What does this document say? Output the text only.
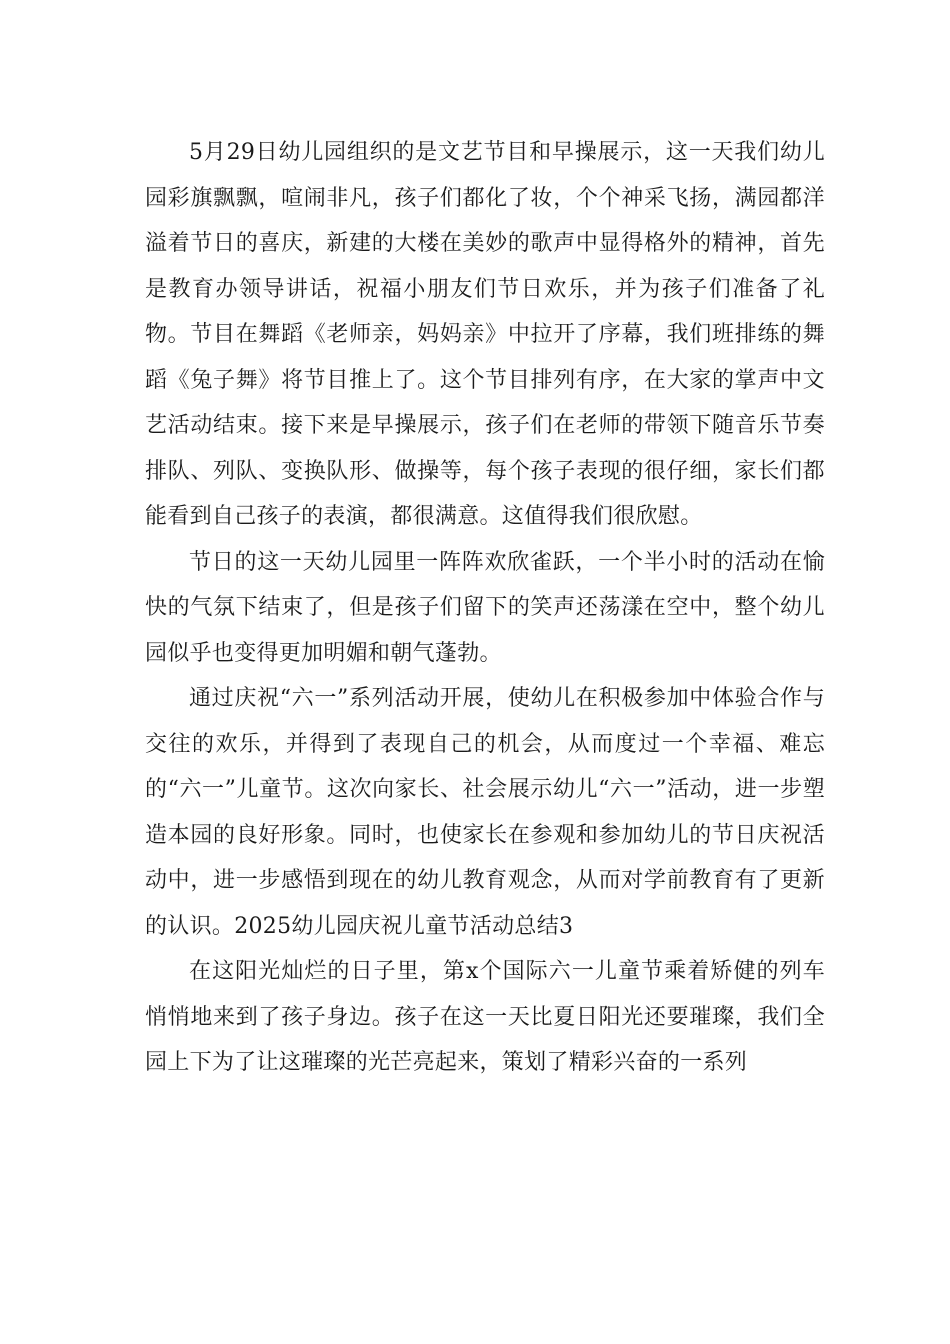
5月29日幼儿园组织的是文艺节目和早操展示，这一天我们幼儿园彩旗飘飘，喧闹非凡，孩子们都化了妆，个个神采飞扬，满园都洋溢着节日的喜庆，新建的大楼在美妙的歌声中显得格外的精神，首先是教育办领导讲话，祝福小朋友们节日欢乐，并为孩子们准备了礼物。节目在舞蹈《老师亲，妈妈亲》中拉开了序幕，我们班排练的舞蹈《兔子舞》将节目推上了。这个节目排列有序，在大家的掌声中文艺活动结束。接下来是早操展示，孩子们在老师的带领下随音乐节奏排队、列队、变换队形、做操等，每个孩子表现的很仔细，家长们都能看到自己孩子的表演，都很满意。这值得我们很欣慰。

节日的这一天幼儿园里一阵阵欢欣雀跃，一个半小时的活动在愉快的气氛下结束了，但是孩子们留下的笑声还荡漾在空中，整个幼儿园似乎也变得更加明媚和朝气蓬勃。

通过庆祝“六一”系列活动开展，使幼儿在积极参加中体验合作与交往的欢乐，并得到了表现自己的机会，从而度过一个幸福、难忘的“六一”儿童节。这次向家长、社会展示幼儿“六一”活动，进一步塑造本园的良好形象。同时，也使家长在参观和参加幼儿的节日庆祝活动中，进一步感悟到现在的幼儿教育观念，从而对学前教育有了更新的认识。2025幼儿园庆祝儿童节活动总结3

在这阳光灿烂的日子里，第x个国际六一儿童节乘着矫健的列车悄悄地来到了孩子身边。孩子在这一天比夏日阳光还要璀璨，我们全园上下为了让这璀璨的光芒亮起来，策划了精彩兴奋的一系列
